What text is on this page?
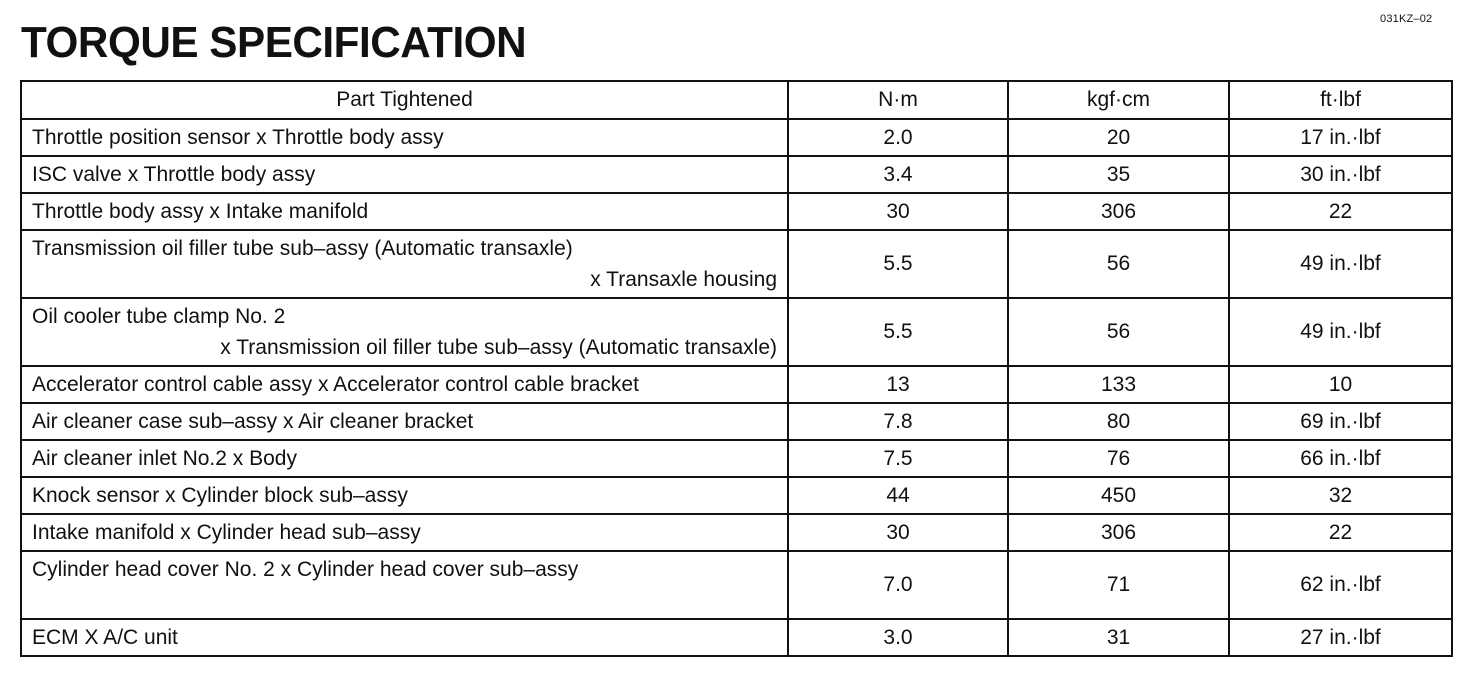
031KZ–02
TORQUE SPECIFICATION
Part Tightened	N·m	kgf·cm	ft·lbf
Throttle position sensor x Throttle body assy	2.0	20	17 in.·lbf
ISC valve x Throttle body assy	3.4	35	30 in.·lbf
Throttle body assy x Intake manifold	30	306	22

Transmission oil filler tube sub–assy (Automatic transaxle)
x Transaxle housing	5.5	56	49 in.·lbf

Oil cooler tube clamp No. 2
x Transmission oil filler tube sub–assy (Automatic transaxle)	5.5	56	49 in.·lbf
Accelerator control cable assy x Accelerator control cable bracket	13	133	10
Air cleaner case sub–assy x Air cleaner bracket	7.8	80	69 in.·lbf
Air cleaner inlet No.2 x Body	7.5	76	66 in.·lbf
Knock sensor x Cylinder block sub–assy	44	450	32
Intake manifold x Cylinder head sub–assy	30	306	22

Cylinder head cover No. 2 x Cylinder head cover sub–assy	7.0	71	62 in.·lbf
ECM X A/C unit	3.0	31	27 in.·lbf
